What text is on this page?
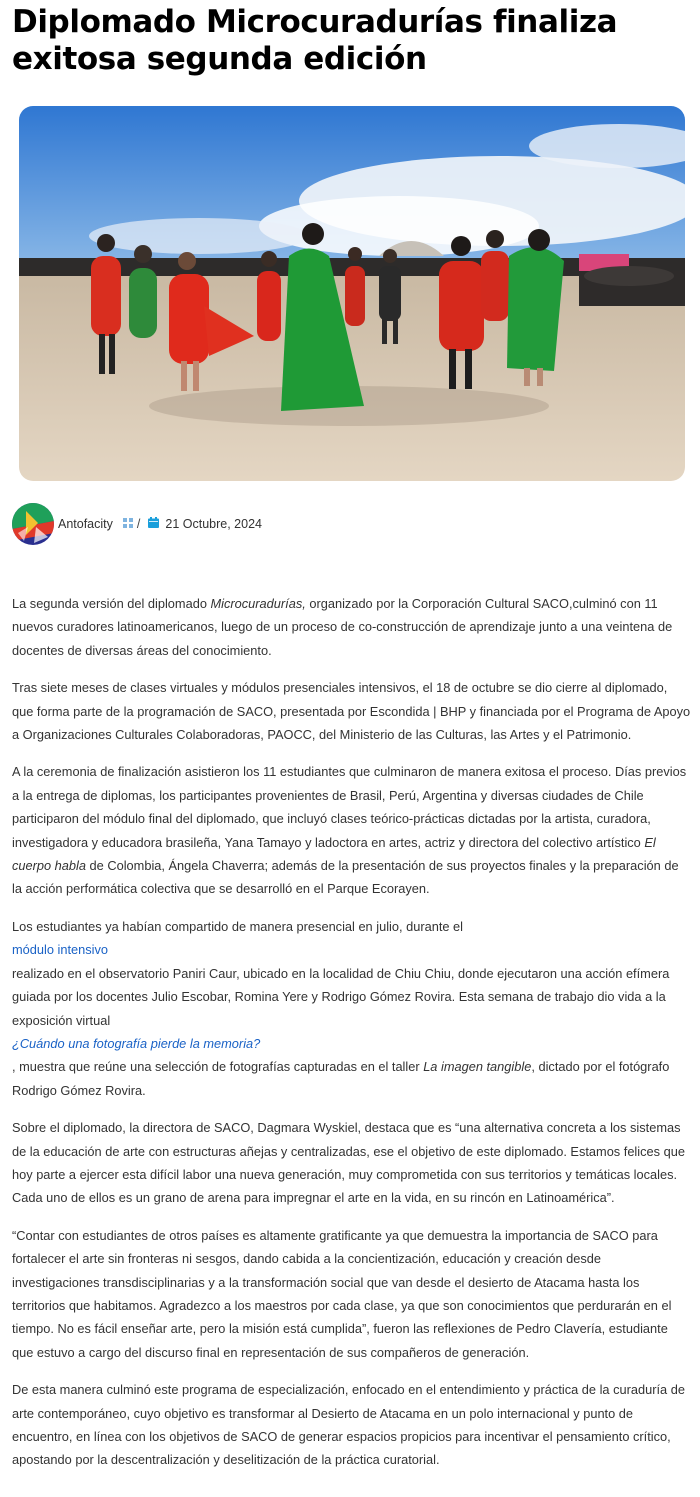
Diplomado Microcuradurías finaliza exitosa segunda edición
Antofacity / 21 Octubre, 2024

La segunda versión del diplomado Microcuradurías, organizado por la Corporación Cultural SACO,culminó con 11 nuevos curadores latinoamericanos, luego de un proceso de co-construcción de aprendizaje junto a una veintena de docentes de diversas áreas del conocimiento.

Tras siete meses de clases virtuales y módulos presenciales intensivos, el 18 de octubre se dio cierre al diplomado, que forma parte de la programación de SACO, presentada por Escondida | BHP y financiada por el Programa de Apoyo a Organizaciones Culturales Colaboradoras, PAOCC, del Ministerio de las Culturas, las Artes y el Patrimonio.

A la ceremonia de finalización asistieron los 11 estudiantes que culminaron de manera exitosa el proceso. Días previos a la entrega de diplomas, los participantes provenientes de Brasil, Perú, Argentina y diversas ciudades de Chile participaron del módulo final del diplomado, que incluyó clases teórico-prácticas dictadas por la artista, curadora, investigadora y educadora brasileña, Yana Tamayo y ladoctora en artes, actriz y directora del colectivo artístico El cuerpo habla de Colombia, Ángela Chaverra; además de la presentación de sus proyectos finales y la preparación de la acción performática colectiva que se desarrolló en el Parque Ecorayen.

Los estudiantes ya habían compartido de manera presencial en julio, durante el
módulo intensivo
realizado en el observatorio Paniri Caur, ubicado en la localidad de Chiu Chiu, donde ejecutaron una acción efímera guiada por los docentes Julio Escobar, Romina Yere y Rodrigo Gómez Rovira. Esta semana de trabajo dio vida a la exposición virtual
¿Cuándo una fotografía pierde la memoria?
, muestra que reúne una selección de fotografías capturadas en el taller La imagen tangible, dictado por el fotógrafo Rodrigo Gómez Rovira.

Sobre el diplomado, la directora de SACO, Dagmara Wyskiel, destaca que es “una alternativa concreta a los sistemas de la educación de arte con estructuras añejas y centralizadas, ese el objetivo de este diplomado. Estamos felices que hoy parte a ejercer esta difícil labor una nueva generación, muy comprometida con sus territorios y temáticas locales. Cada uno de ellos es un grano de arena para impregnar el arte en la vida, en su rincón en Latinoamérica”.

“Contar con estudiantes de otros países es altamente gratificante ya que demuestra la importancia de SACO para fortalecer el arte sin fronteras ni sesgos, dando cabida a la concientización, educación y creación desde investigaciones transdisciplinarias y a la transformación social que van desde el desierto de Atacama hasta los territorios que habitamos. Agradezco a los maestros por cada clase, ya que son conocimientos que perdurarán en el tiempo. No es fácil enseñar arte, pero la misión está cumplida”, fueron las reflexiones de Pedro Clavería, estudiante que estuvo a cargo del discurso final en representación de sus compañeros de generación.

De esta manera culminó este programa de especialización, enfocado en el entendimiento y práctica de la curaduría de arte contemporáneo, cuyo objetivo es transformar al Desierto de Atacama en un polo internacional y punto de encuentro, en línea con los objetivos de SACO de generar espacios propicios para incentivar el pensamiento crítico, apostando por la descentralización y deselitización de la práctica curatorial.
